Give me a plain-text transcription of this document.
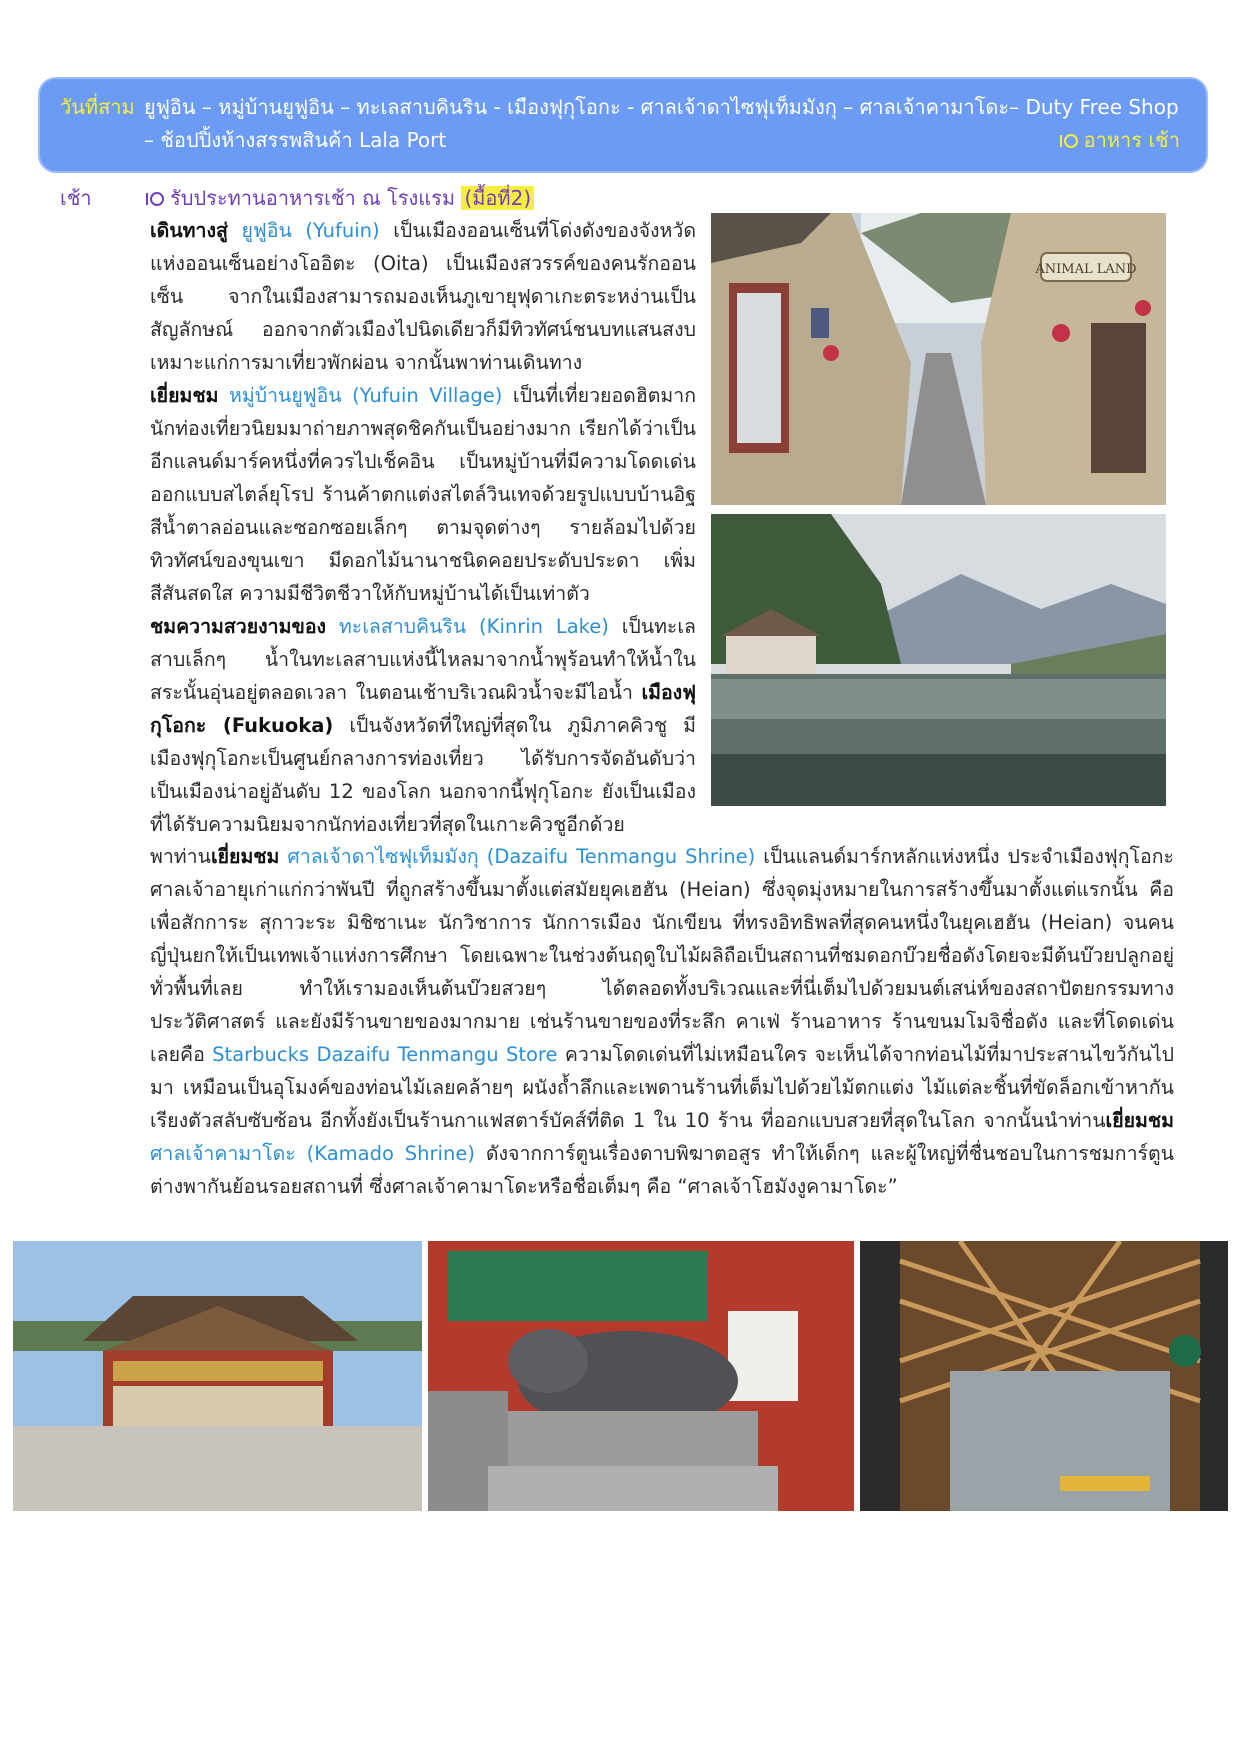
วันที่สาม ยูฟูอิน – หมู่บ้านยูฟูอิน – ทะเลสาบคินริน - เมืองฟุกุโอกะ - ศาลเจ้าดาไซฟุเท็มมังกุ – ศาลเจ้าคามาโดะ– Duty Free Shop
– ช้อปปิ้งห้างสรรพสินค้า Lala Port	อาหาร เช้า
เช้า	รับประทานอาหารเช้า ณ โรงแรม (มื้อที่2)
เดินทางสู่ ยูฟูอิน (Yufuin) เป็นเมืองออนเซ็นที่โด่งดังของจังหวัดแห่งออนเซ็นอย่างโออิตะ (Oita) เป็นเมืองสวรรค์ของคนรักออนเซ็น จากในเมืองสามารถมองเห็นภูเขายุฟุดาเกะตระหง่านเป็นสัญลักษณ์ ออกจากตัวเมืองไปนิดเดียวก็มีทิวทัศน์ชนบทแสนสงบเหมาะแก่การมาเที่ยวพักผ่อน จากนั้นพาท่านเดินทาง
เยี่ยมชม หมู่บ้านยูฟูอิน (Yufuin Village) เป็นที่เที่ยวยอดฮิตมาก นักท่องเที่ยวนิยมมาถ่ายภาพสุดชิคกันเป็นอย่างมาก เรียกได้ว่าเป็นอีกแลนด์มาร์คหนึ่งที่ควรไปเช็คอิน เป็นหมู่บ้านที่มีความโดดเด่น ออกแบบสไตล์ยุโรป ร้านค้าตกแต่งสไตล์วินเทจด้วยรูปแบบบ้านอิฐสีน้ำตาลอ่อนและซอกซอยเล็กๆ ตามจุดต่างๆ รายล้อมไปด้วยทิวทัศน์ของขุนเขา มีดอกไม้นานาชนิดคอยประดับประดา เพิ่มสีสันสดใส ความมีชีวิตชีวาให้กับหมู่บ้านได้เป็นเท่าตัว
ชมความสวยงามของ ทะเลสาบคินริน (Kinrin Lake) เป็นทะเลสาบเล็กๆ น้ำในทะเลสาบแห่งนี้ไหลมาจากน้ำพุร้อนทำให้น้ำในสระนั้นอุ่นอยู่ตลอดเวลา ในตอนเช้าบริเวณผิวน้ำจะมีไอน้ำ เมืองฟุกุโอกะ (Fukuoka) เป็นจังหวัดที่ใหญ่ที่สุดใน ภูมิภาคคิวชู มีเมืองฟุกุโอกะเป็นศูนย์กลางการท่องเที่ยว ได้รับการจัดอันดับว่าเป็นเมืองน่าอยู่อันดับ 12 ของโลก นอกจากนี้ฟุกุโอกะ ยังเป็นเมืองที่ได้รับความนิยมจากนักท่องเที่ยวที่สุดในเกาะคิวชูอีกด้วย
พาท่านเยี่ยมชม ศาลเจ้าดาไซฟุเท็มมังกุ (Dazaifu Tenmangu Shrine) เป็นแลนด์มาร์กหลักแห่งหนึ่ง ประจำเมืองฟุกุโอกะ ศาลเจ้าอายุเก่าแก่กว่าพันปี ที่ถูกสร้างขึ้นมาตั้งแต่สมัยยุคเฮฮัน (Heian) ซึ่งจุดมุ่งหมายในการสร้างขึ้นมาตั้งแต่แรกนั้น คือเพื่อสักการะ สุกาวะระ มิชิซาเนะ นักวิชาการ นักการเมือง นักเขียน ที่ทรงอิทธิพลที่สุดคนหนึ่งในยุคเฮฮัน (Heian) จนคนญี่ปุ่นยกให้เป็นเทพเจ้าแห่งการศึกษา โดยเฉพาะในช่วงต้นฤดูใบไม้ผลิถือเป็นสถานที่ชมดอกบ๊วยชื่อดังโดยจะมีต้นบ๊วยปลูกอยู่ทั่วพื้นที่เลย ทำให้เรามองเห็นต้นบ๊วยสวยๆ ได้ตลอดทั้งบริเวณและที่นี่เต็มไปด้วยมนต์เสน่ห์ของสถาปัตยกรรมทางประวัติศาสตร์ และยังมีร้านขายของมากมาย เช่นร้านขายของที่ระลึก คาเฟ่ ร้านอาหาร ร้านขนมโมจิชื่อดัง และที่โดดเด่นเลยคือ Starbucks Dazaifu Tenmangu Store ความโดดเด่นที่ไม่เหมือนใคร จะเห็นได้จากท่อนไม้ที่มาประสานไขว้กันไปมา เหมือนเป็นอุโมงค์ของท่อนไม้เลยคล้ายๆ ผนังถ้ำลึกและเพดานร้านที่เต็มไปด้วยไม้ตกแต่ง ไม้แต่ละชิ้นที่ขัดล็อกเข้าหากันเรียงตัวสลับซับซ้อน อีกทั้งยังเป็นร้านกาแฟสตาร์บัคส์ที่ติด 1 ใน 10 ร้าน ที่ออกแบบสวยที่สุดในโลก จากนั้นนำท่านเยี่ยมชมศาลเจ้าคามาโดะ (Kamado Shrine) ดังจากการ์ตูนเรื่องดาบพิฆาตอสูร ทำให้เด็กๆ และผู้ใหญ่ที่ชื่นชอบในการชมการ์ตูนต่างพากันย้อนรอยสถานที่ ซึ่งศาลเจ้าคามาโดะหรือชื่อเต็มๆ คือ “ศาลเจ้าโฮมังงูคามาโดะ”
ANIMAL LAND
